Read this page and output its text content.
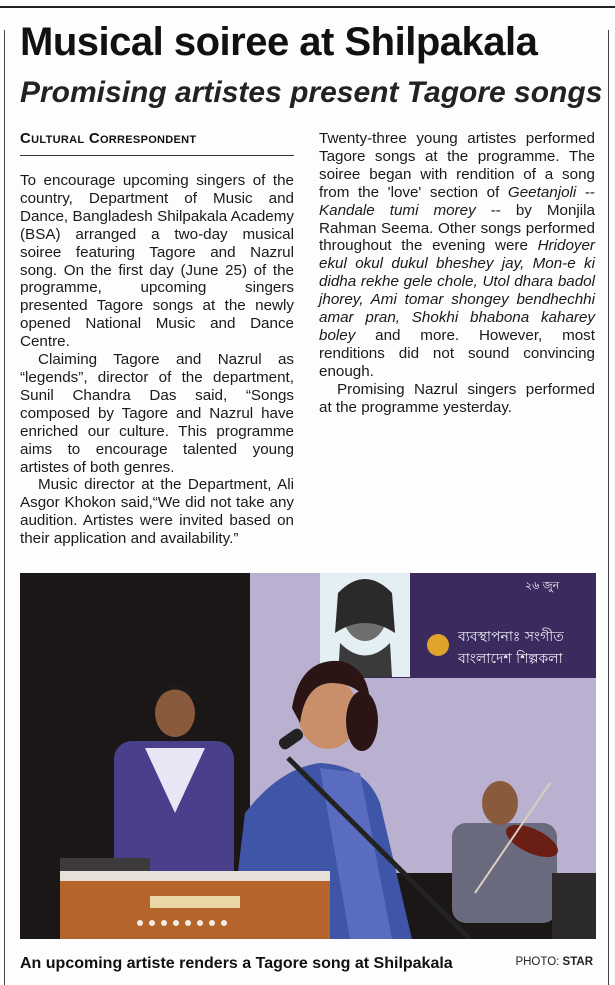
Musical soiree at Shilpakala
Promising artistes present Tagore songs
Cultural Correspondent

To encourage upcoming singers of the country, Department of Music and Dance, Bangladesh Shilpakala Academy (BSA) arranged a two-day musical soiree featuring Tagore and Nazrul song. On the first day (June 25) of the programme, upcoming singers presented Tagore songs at the newly opened National Music and Dance Centre.

Claiming Tagore and Nazrul as “legends”, director of the department, Sunil Chandra Das said, “Songs composed by Tagore and Nazrul have enriched our culture. This programme aims to encourage talented young artistes of both genres.

Music director at the Department, Ali Asgor Khokon said,“We did not take any audition. Artistes were invited based on their application and availability.”

Twenty-three young artistes performed Tagore songs at the programme. The soiree began with rendition of a song from the 'love' section of Geetanjoli -- Kandale tumi morey -- by Monjila Rahman Seema. Other songs performed throughout the evening were Hridoyer ekul okul dukul bheshey jay, Mon-e ki didha rekhe gele chole, Utol dhara badol jhorey, Ami tomar shongey bendhechhi amar pran, Shokhi bhabona kaharey boley and more. However, most renditions did not sound convincing enough.

Promising Nazrul singers performed at the programme yesterday.

ব্যবস্থাপনাঃ সংগীত
বাংলাদেশ শিল্পকলা
২৬ জুন
An upcoming artiste renders a Tagore song at Shilpakala	PHOTO: STAR
